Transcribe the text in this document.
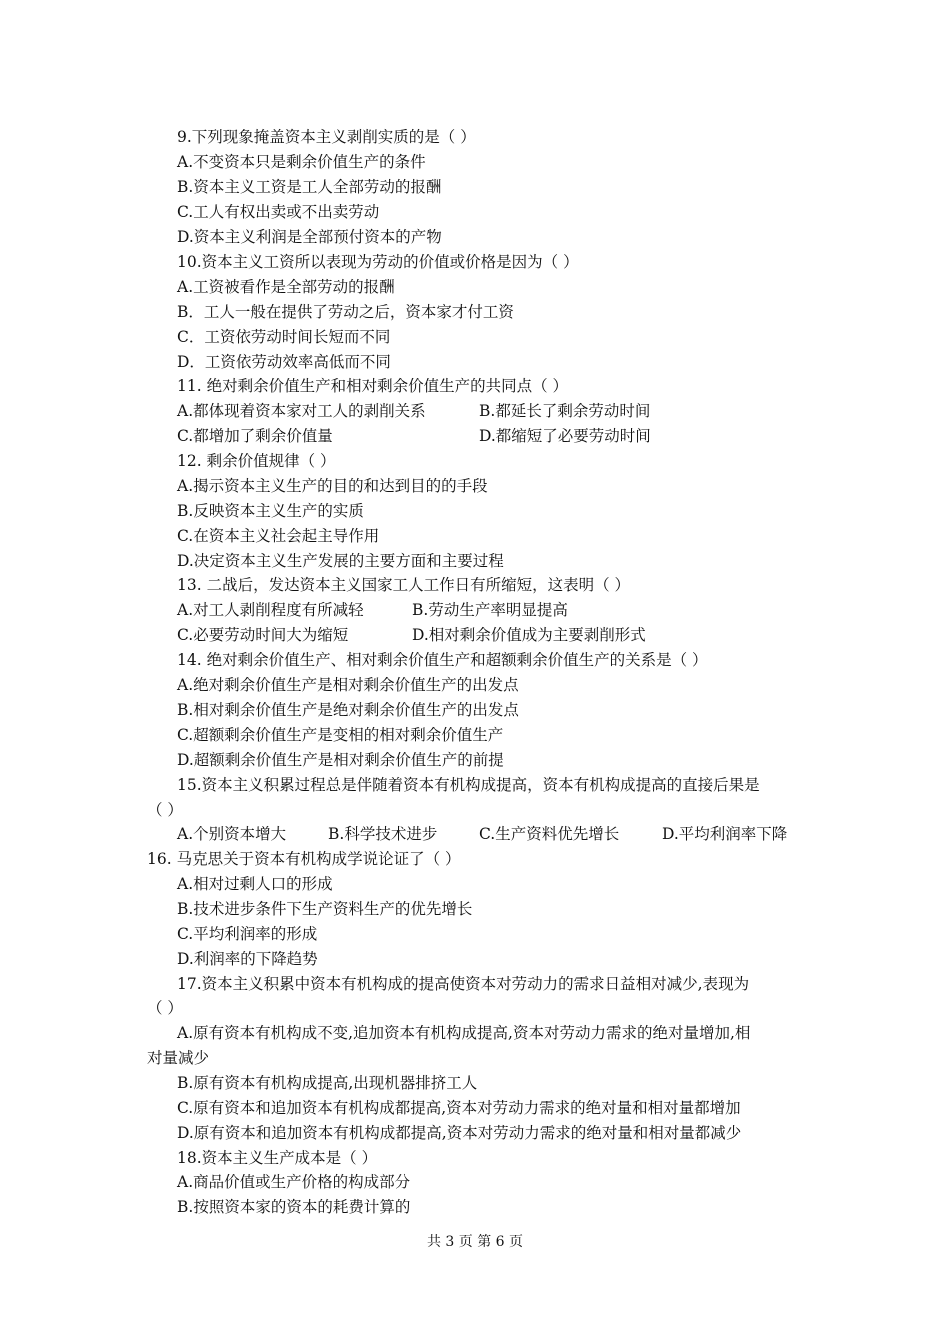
9.下列现象掩盖资本主义剥削实质的是（ ）
A.不变资本只是剩余价值生产的条件
B.资本主义工资是工人全部劳动的报酬
C.工人有权出卖或不出卖劳动
D.资本主义利润是全部预付资本的产物
10.资本主义工资所以表现为劳动的价值或价格是因为（ ）
A.工资被看作是全部劳动的报酬
B．工人一般在提供了劳动之后，资本家才付工资
C．工资依劳动时间长短而不同
D．工资依劳动效率高低而不同
11. 绝对剩余价值生产和相对剩余价值生产的共同点（ ）
A.都体现着资本家对工人的剥削关系	B.都延长了剩余劳动时间
C.都增加了剩余价值量	D.都缩短了必要劳动时间
12. 剩余价值规律（ ）
A.揭示资本主义生产的目的和达到目的的手段
B.反映资本主义生产的实质
C.在资本主义社会起主导作用
D.决定资本主义生产发展的主要方面和主要过程
13. 二战后，发达资本主义国家工人工作日有所缩短，这表明（ ）
A.对工人剥削程度有所减轻	B.劳动生产率明显提高
C.必要劳动时间大为缩短	D.相对剩余价值成为主要剥削形式
14. 绝对剩余价值生产、相对剩余价值生产和超额剩余价值生产的关系是（ ）
A.绝对剩余价值生产是相对剩余价值生产的出发点
B.相对剩余价值生产是绝对剩余价值生产的出发点
C.超额剩余价值生产是变相的相对剩余价值生产
D.超额剩余价值生产是相对剩余价值生产的前提
15.资本主义积累过程总是伴随着资本有机构成提高，资本有机构成提高的直接后果是
（ ）
A.个别资本增大	B.科学技术进步	C.生产资料优先增长	D.平均利润率下降
16. 马克思关于资本有机构成学说论证了（ ）
A.相对过剩人口的形成
B.技术进步条件下生产资料生产的优先增长
C.平均利润率的形成
D.利润率的下降趋势
17.资本主义积累中资本有机构成的提高使资本对劳动力的需求日益相对减少,表现为
（ ）
A.原有资本有机构成不变,追加资本有机构成提高,资本对劳动力需求的绝对量增加,相
对量减少
B.原有资本有机构成提高,出现机器排挤工人
C.原有资本和追加资本有机构成都提高,资本对劳动力需求的绝对量和相对量都增加
D.原有资本和追加资本有机构成都提高,资本对劳动力需求的绝对量和相对量都减少
18.资本主义生产成本是（ ）
A.商品价值或生产价格的构成部分
B.按照资本家的资本的耗费计算的
共 3 页 第 6 页
